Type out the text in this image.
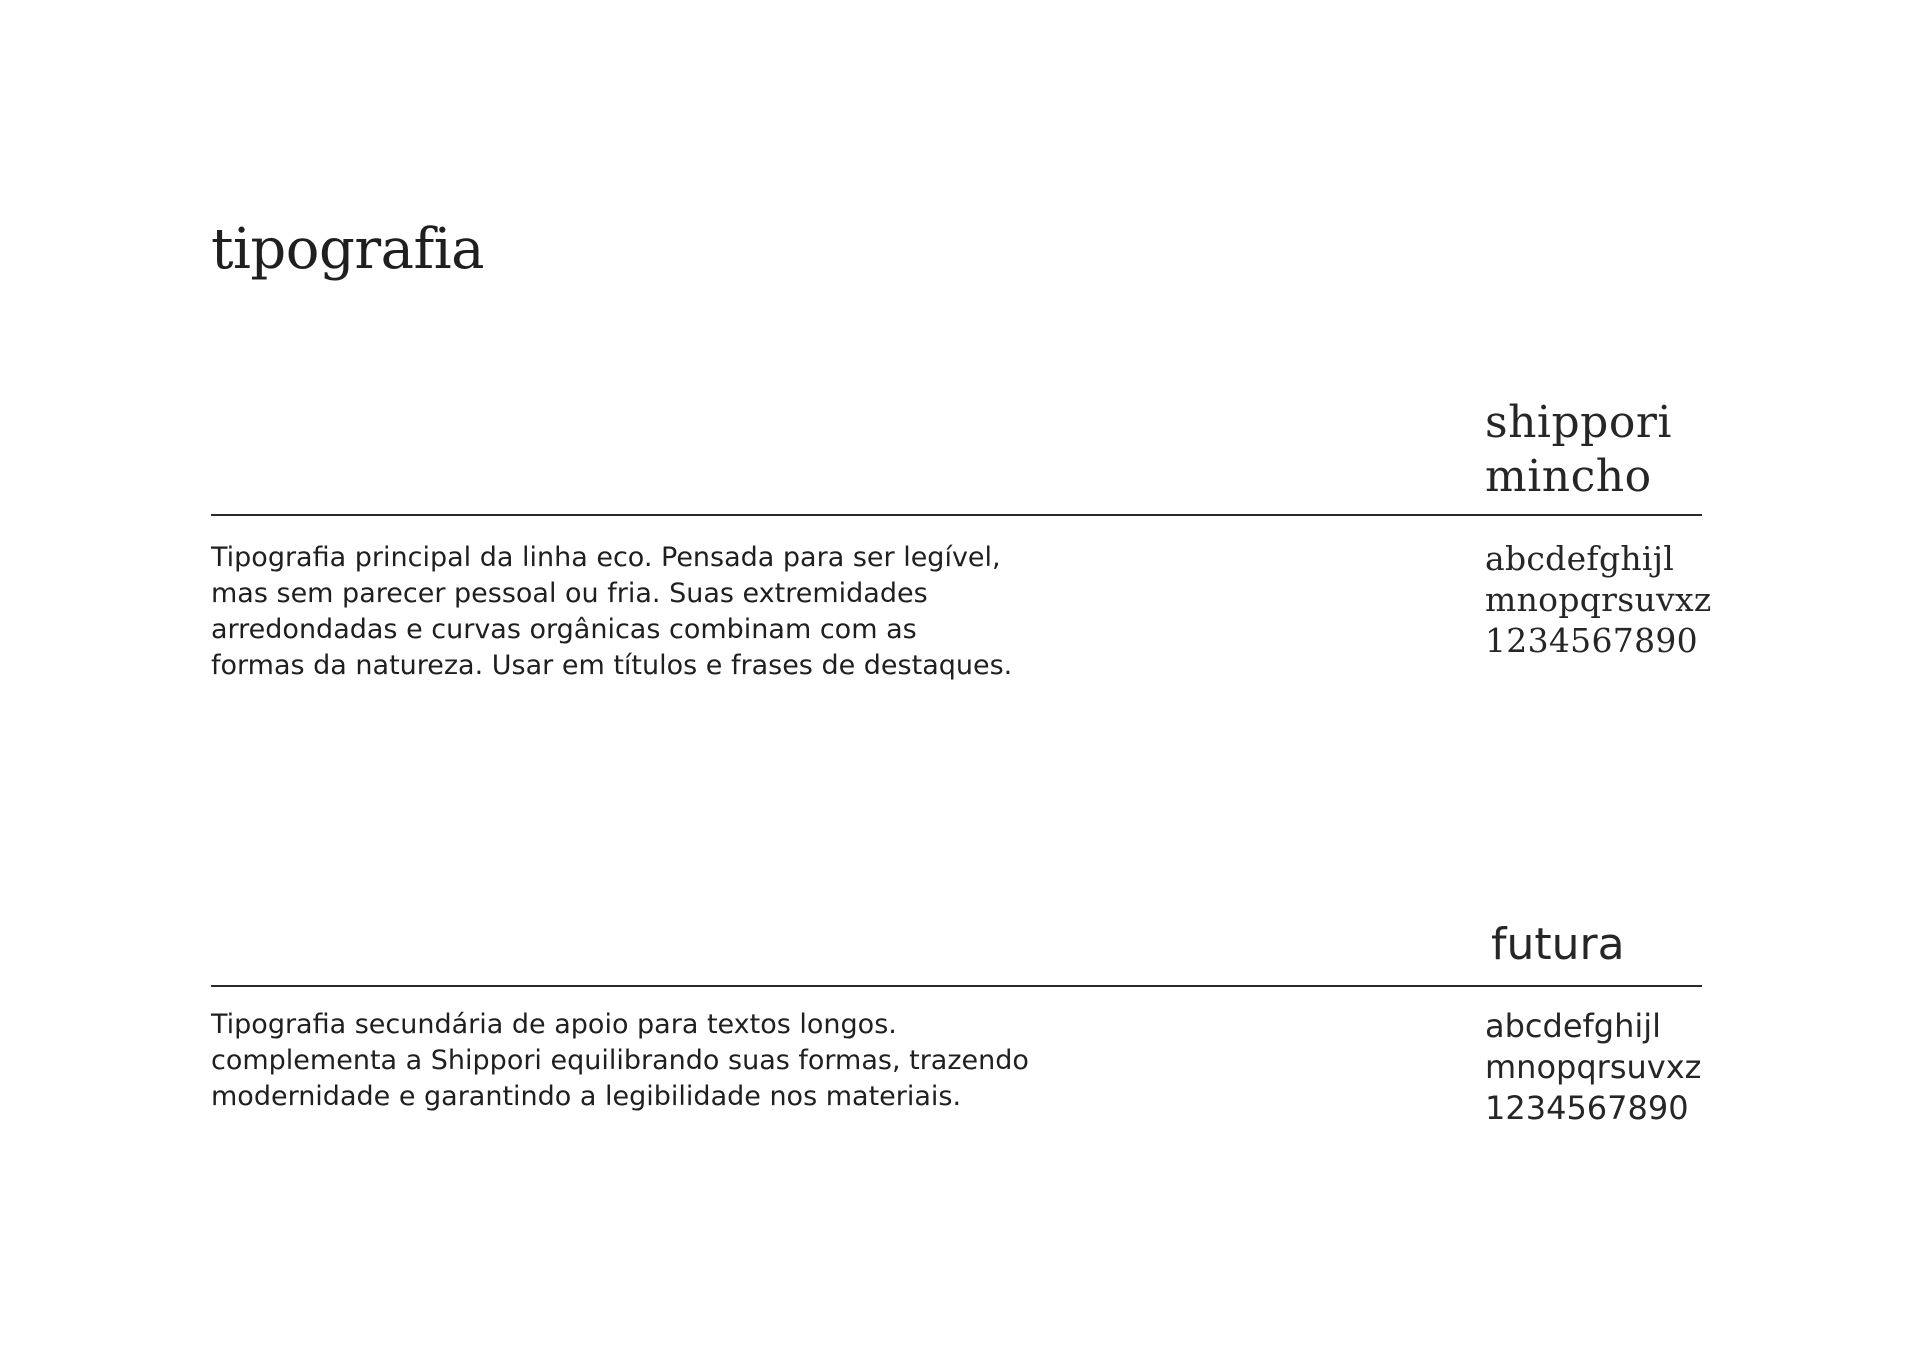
tipografia
shippori
mincho

Tipografia principal da linha eco. Pensada para ser legível,
mas sem parecer pessoal ou fria. Suas extremidades
arredondadas e curvas orgânicas combinam com as
formas da natureza. Usar em títulos e frases de destaques.

abcdefghijl
mnopqrsuvxz
1234567890

futura

Tipografia secundária de apoio para textos longos.
complementa a Shippori equilibrando suas formas, trazendo
modernidade e garantindo a legibilidade nos materiais.

abcdefghijl
mnopqrsuvxz
1234567890
